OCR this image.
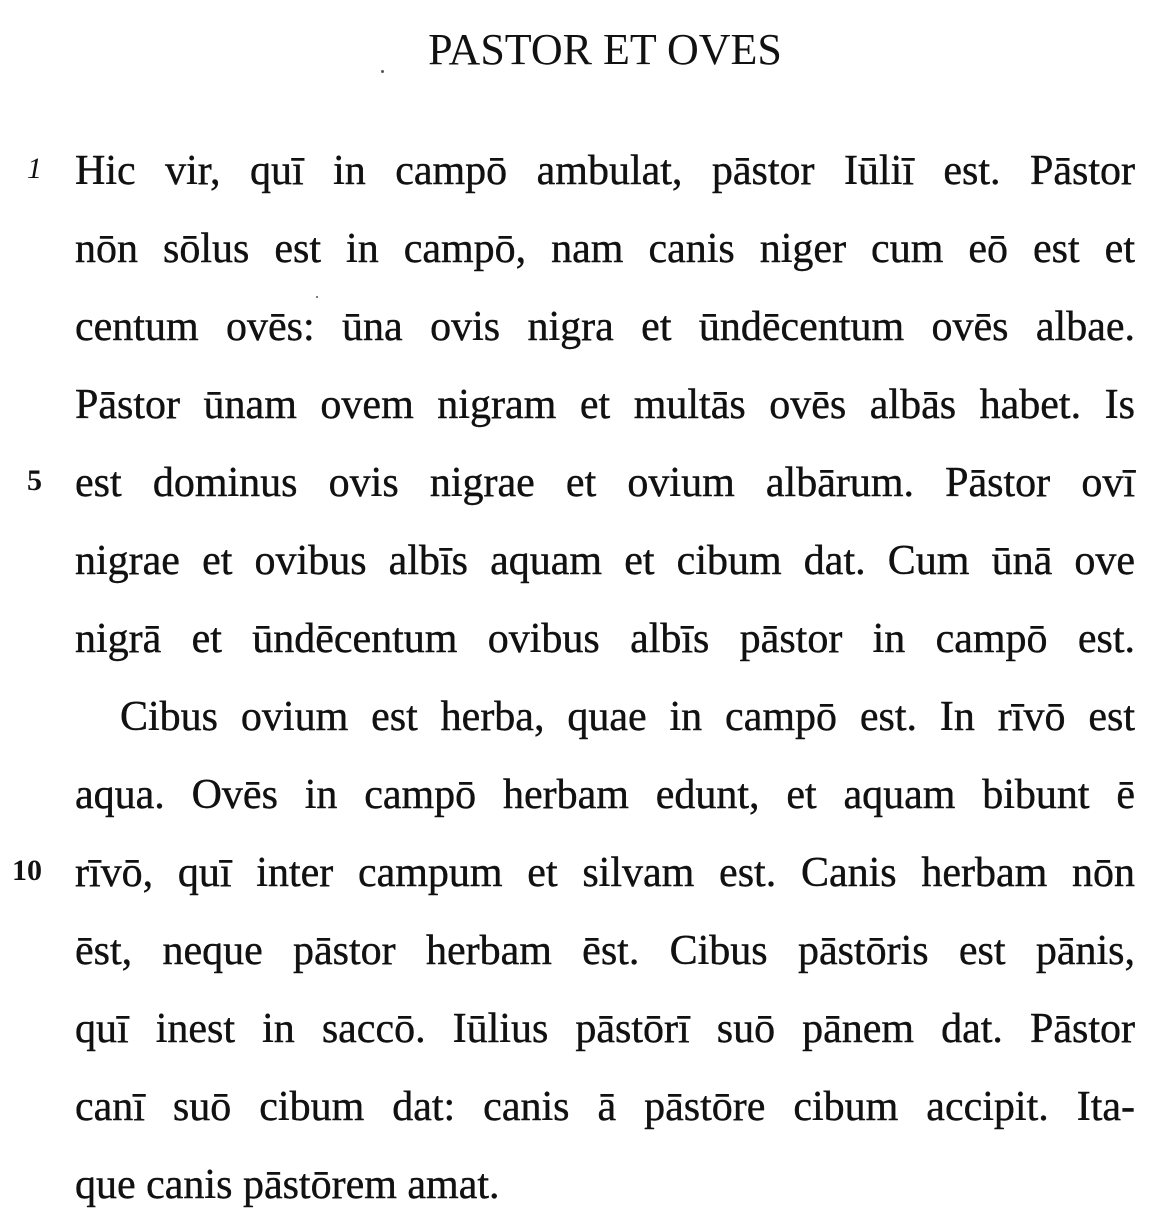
PASTOR ET OVES
1 Hic vir, quī in campō ambulat, pāstor Iūliī est. Pāstor
nōn sōlus est in campō, nam canis niger cum eō est et
centum ovēs: ūna ovis nigra et ūndēcentum ovēs albae.
Pāstor ūnam ovem nigram et multās ovēs albās habet. Is
5 est dominus ovis nigrae et ovium albārum. Pāstor ovī
nigrae et ovibus albīs aquam et cibum dat. Cum ūnā ove
nigrā et ūndēcentum ovibus albīs pāstor in campō est.
Cibus ovium est herba, quae in campō est. In rīvō est
aqua. Ovēs in campō herbam edunt, et aquam bibunt ē
10 rīvō, quī inter campum et silvam est. Canis herbam nōn
ēst, neque pāstor herbam ēst. Cibus pāstōris est pānis,
quī inest in saccō. Iūlius pāstōrī suō pānem dat. Pāstor
canī suō cibum dat: canis ā pāstōre cibum accipit. Ita-
que canis pāstōrem amat.
